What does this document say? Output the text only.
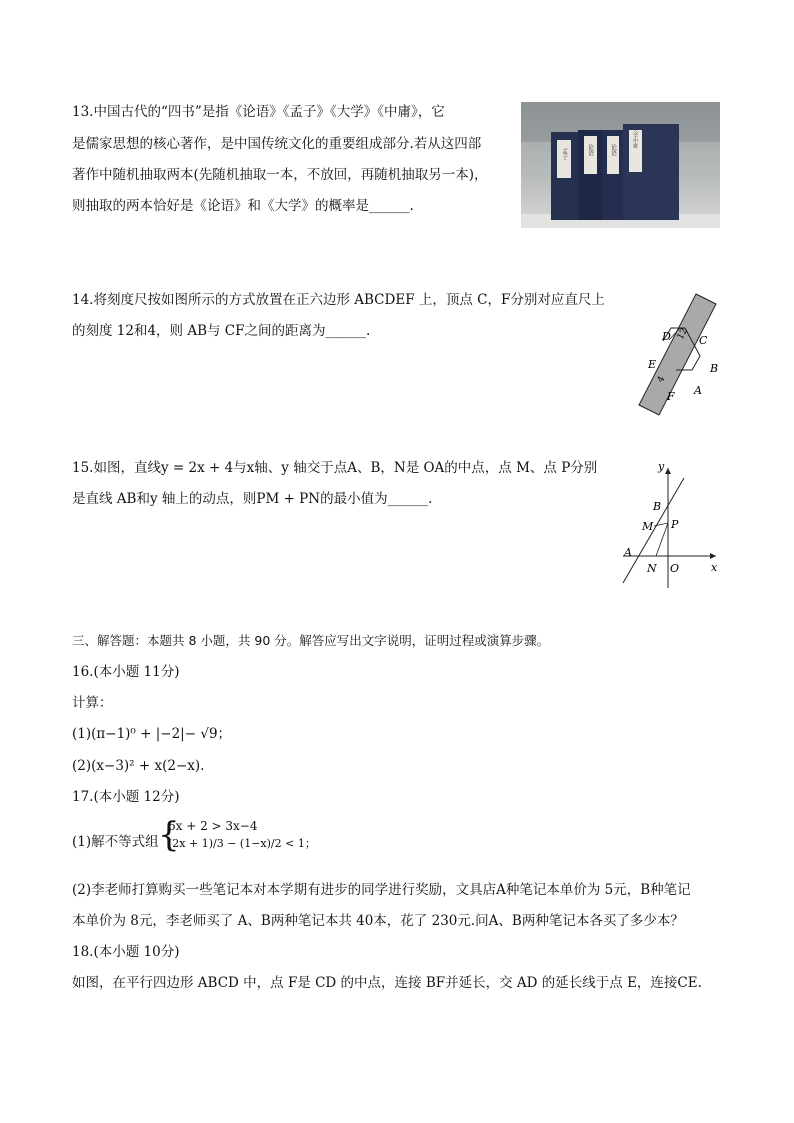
13.中国古代的“四书”是指《论语》《孟子》《大学》《中庸》，它
是儒家思想的核心著作，是中国传统文化的重要组成部分.若从这四部
著作中随机抽取两本(先随机抽取一本，不放回，再随机抽取另一本)，
则抽取的两本恰好是《论语》和《大学》的概率是______.
孟子	论语	论语
大学中庸
14.将刻度尺按如图所示的方式放置在正六边形 ABCDEF 上，顶点 C，F分别对应直尺上
的刻度 12和4，则 AB与 CF之间的距离为______.	D	C
E	B
F A
12
4
15.如图，直线y = 2x + 4与x轴、y 轴交于点A、B，N是 OA的中点，点 M、点 P分别
是直线 AB和y 轴上的动点，则PM + PN的最小值为______.
y
x
B
M P
A
N O
三、解答题：本题共 8 小题，共 90 分。解答应写出文字说明，证明过程或演算步骤。
16.(本小题 11分)
计算：
(1)(π−1)⁰ + |−2|− √9；
(2)(x−3)² + x(2−x).
17.(本小题 12分)
(1)解不等式组 {
6x + 2 > 3x−4
(2x + 1)/3 − (1−x)/2 < 1；
(2)李老师打算购买一些笔记本对本学期有进步的同学进行奖励，文具店A种笔记本单价为 5元，B种笔记
本单价为 8元，李老师买了 A、B两种笔记本共 40本，花了 230元.问A、B两种笔记本各买了多少本？
18.(本小题 10分)
如图，在平行四边形 ABCD 中，点 F是 CD 的中点，连接 BF并延长，交 AD 的延长线于点 E，连接CE.
